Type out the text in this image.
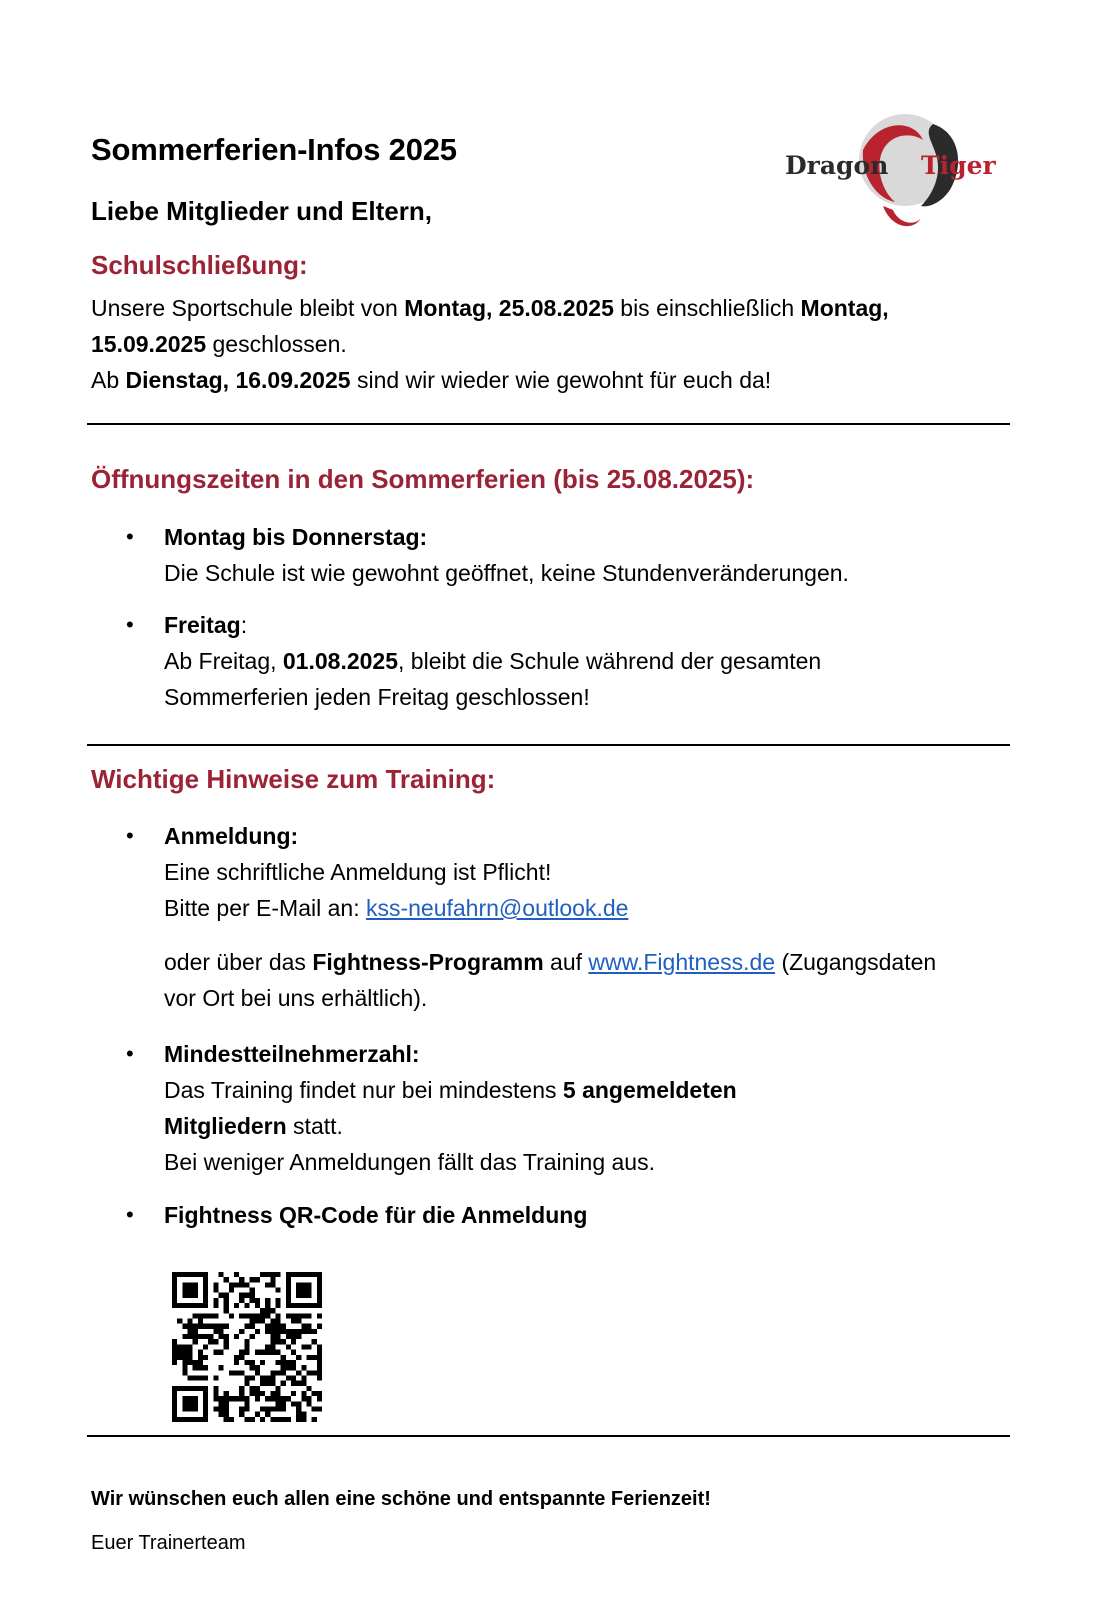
Sommerferien-Infos 2025

Liebe Mitglieder und Eltern,

Dragon Tiger
Schulschließung:

Unsere Sportschule bleibt von Montag, 25.08.2025 bis einschließlich Montag,

15.09.2025 geschlossen.

Ab Dienstag, 16.09.2025 sind wir wieder wie gewohnt für euch da!

Öffnungszeiten in den Sommerferien (bis 25.08.2025):
• Montag bis Donnerstag:
Die Schule ist wie gewohnt geöffnet, keine Stundenveränderungen.
• Freitag:
Ab Freitag, 01.08.2025, bleibt die Schule während der gesamten
Sommerferien jeden Freitag geschlossen!
Wichtige Hinweise zum Training:
• Anmeldung:
Eine schriftliche Anmeldung ist Pflicht!
Bitte per E-Mail an: kss-neufahrn@outlook.de
oder über das Fightness-Programm auf www.Fightness.de (Zugangsdaten
vor Ort bei uns erhältlich).
• Mindestteilnehmerzahl:
Das Training findet nur bei mindestens 5 angemeldeten
Mitgliedern statt.
Bei weniger Anmeldungen fällt das Training aus.
• Fightness QR-Code für die Anmeldung

Wir wünschen euch allen eine schöne und entspannte Ferienzeit!

Euer Trainerteam
